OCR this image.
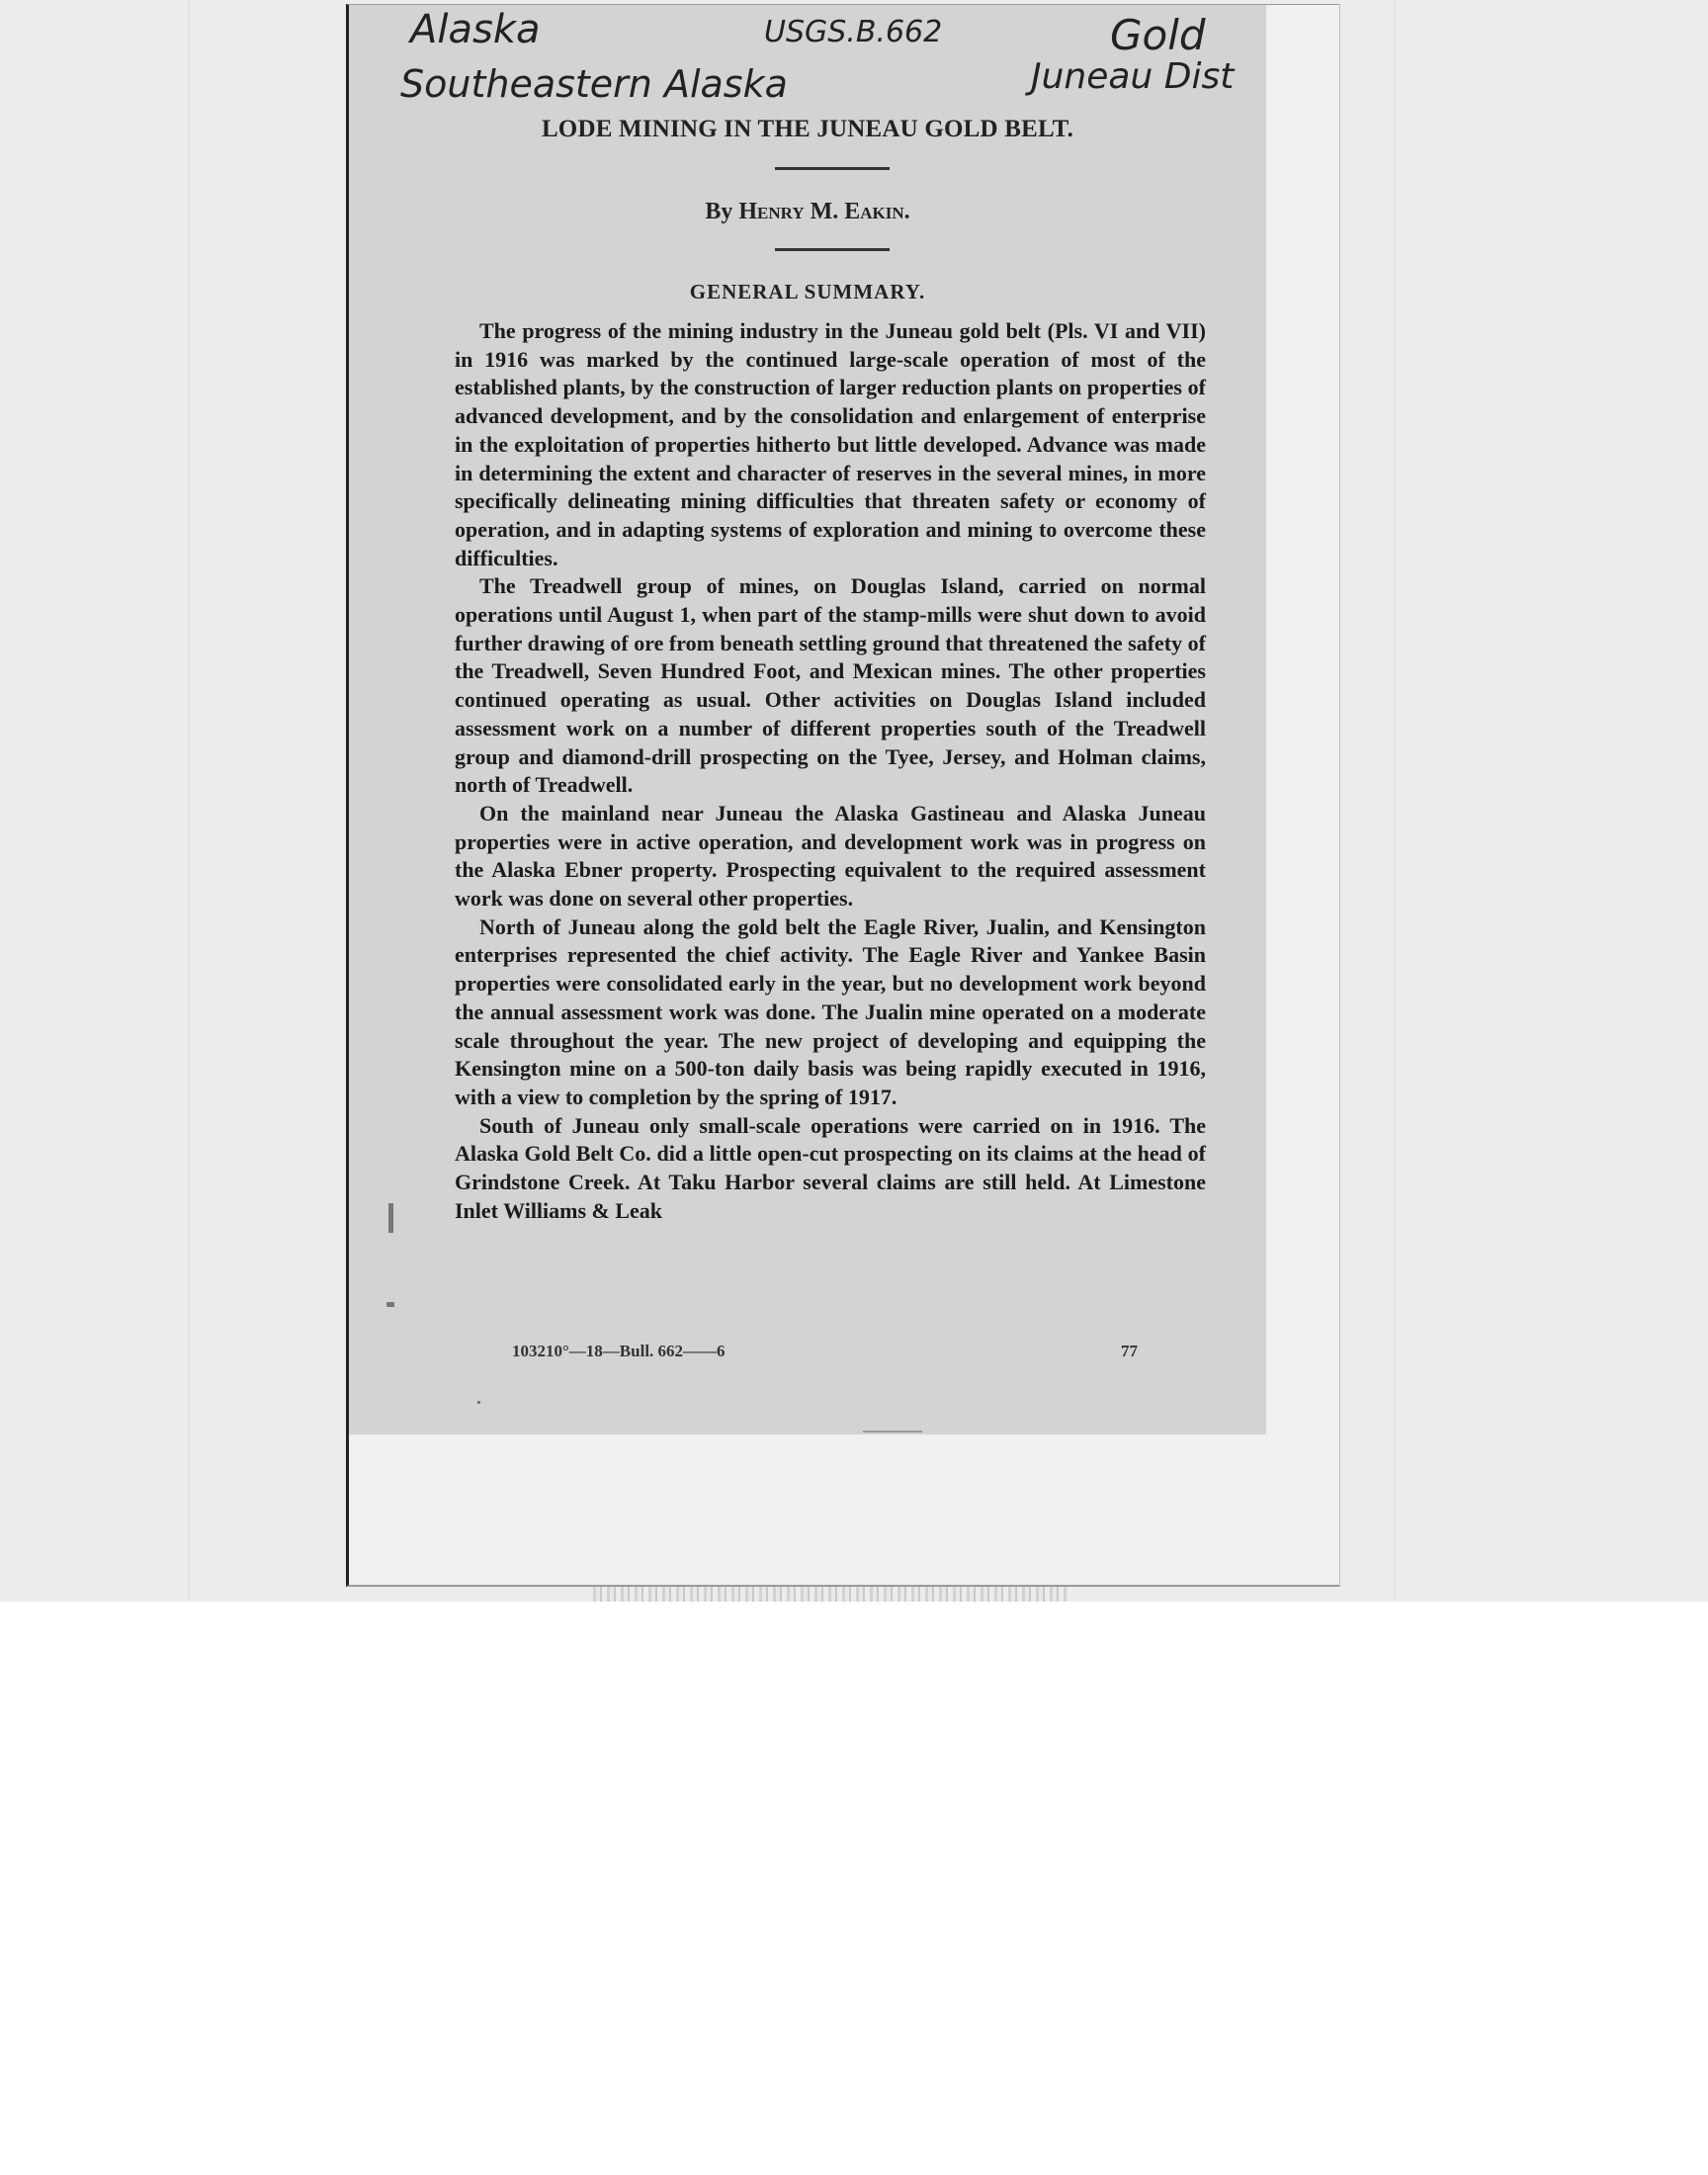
Alaska	USGS.B.662	Gold
Southeastern Alaska	Juneau Dist
LODE MINING IN THE JUNEAU GOLD BELT.
By Henry M. Eakin.
GENERAL SUMMARY.

The progress of the mining industry in the Juneau gold belt (Pls. VI and VII) in 1916 was marked by the continued large-scale operation of most of the established plants, by the construction of larger reduction plants on properties of advanced development, and by the consolidation and enlargement of enterprise in the exploitation of properties hitherto but little developed. Advance was made in determining the extent and character of reserves in the several mines, in more specifically delineating mining difficulties that threaten safety or economy of operation, and in adapting systems of exploration and mining to overcome these difficulties.

The Treadwell group of mines, on Douglas Island, carried on normal operations until August 1, when part of the stamp-mills were shut down to avoid further drawing of ore from beneath settling ground that threatened the safety of the Treadwell, Seven Hundred Foot, and Mexican mines. The other properties continued operating as usual. Other activities on Douglas Island included assessment work on a number of different properties south of the Treadwell group and diamond-drill prospecting on the Tyee, Jersey, and Holman claims, north of Treadwell.

On the mainland near Juneau the Alaska Gastineau and Alaska Juneau properties were in active operation, and development work was in progress on the Alaska Ebner property. Prospecting equivalent to the required assessment work was done on several other properties.

North of Juneau along the gold belt the Eagle River, Jualin, and Kensington enterprises represented the chief activity. The Eagle River and Yankee Basin properties were consolidated early in the year, but no development work beyond the annual assessment work was done. The Jualin mine operated on a moderate scale throughout the year. The new project of developing and equipping the Kensington mine on a 500-ton daily basis was being rapidly executed in 1916, with a view to completion by the spring of 1917.

South of Juneau only small-scale operations were carried on in 1916. The Alaska Gold Belt Co. did a little open-cut prospecting on its claims at the head of Grindstone Creek. At Taku Harbor several claims are still held. At Limestone Inlet Williams & Leak

103210°—18—Bull. 662——6	77
